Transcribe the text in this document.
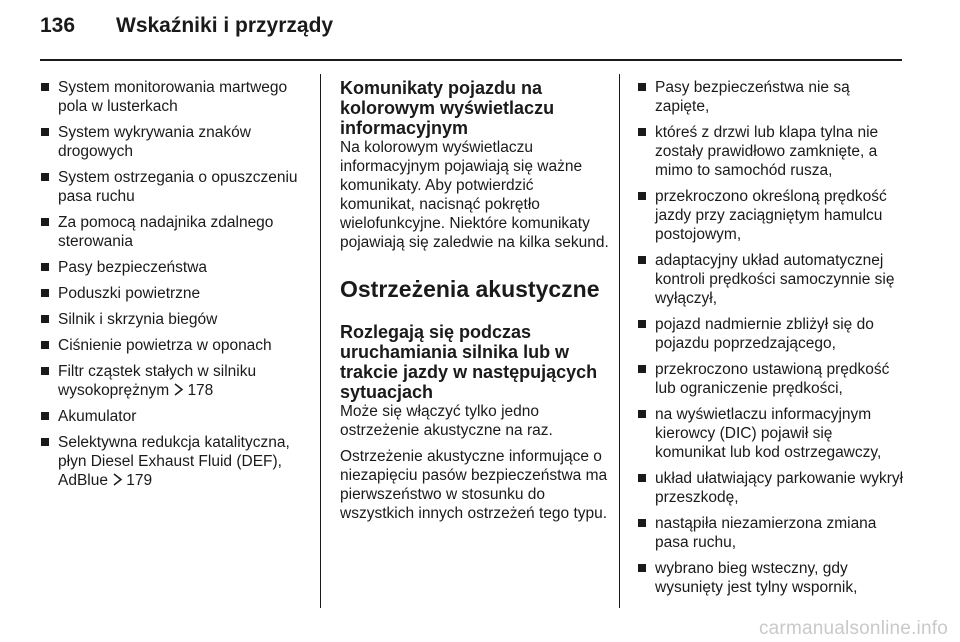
136 Wskaźniki i przyrządy
System monitorowania martwego pola w lusterkach
System wykrywania znaków drogowych
System ostrzegania o opuszczeniu pasa ruchu
Za pomocą nadajnika zdalnego sterowania
Pasy bezpieczeństwa
Poduszki powietrzne
Silnik i skrzynia biegów
Ciśnienie powietrza w oponach
Filtr cząstek stałych w silniku wysokoprężnym 178
Akumulator
Selektywna redukcja katalityczna, płyn Diesel Exhaust Fluid (DEF), AdBlue 179
Komunikaty pojazdu na kolorowym wyświetlaczu informacyjnym

Na kolorowym wyświetlaczu informacyjnym pojawiają się ważne komunikaty. Aby potwierdzić komunikat, nacisnąć pokrętło wielofunkcyjne. Niektóre komunikaty pojawiają się zaledwie na kilka sekund.

Ostrzeżenia akustyczne
Rozlegają się podczas uruchamiania silnika lub w trakcie jazdy w następujących sytuacjach

Może się włączyć tylko jedno ostrzeżenie akustyczne na raz.

Ostrzeżenie akustyczne informujące o niezapięciu pasów bezpieczeństwa ma pierwszeństwo w stosunku do wszystkich innych ostrzeżeń tego typu.

Pasy bezpieczeństwa nie są zapięte,
któreś z drzwi lub klapa tylna nie zostały prawidłowo zamknięte, a mimo to samochód rusza,
przekroczono określoną prędkość jazdy przy zaciągniętym hamulcu postojowym,
adaptacyjny układ automatycznej kontroli prędkości samoczynnie się wyłączył,
pojazd nadmiernie zbliżył się do pojazdu poprzedzającego,
przekroczono ustawioną prędkość lub ograniczenie prędkości,
na wyświetlaczu informacyjnym kierowcy (DIC) pojawił się komunikat lub kod ostrzegawczy,
układ ułatwiający parkowanie wykrył przeszkodę,
nastąpiła niezamierzona zmiana pasa ruchu,
wybrano bieg wsteczny, gdy wysunięty jest tylny wspornik,
carmanualsonline.info
